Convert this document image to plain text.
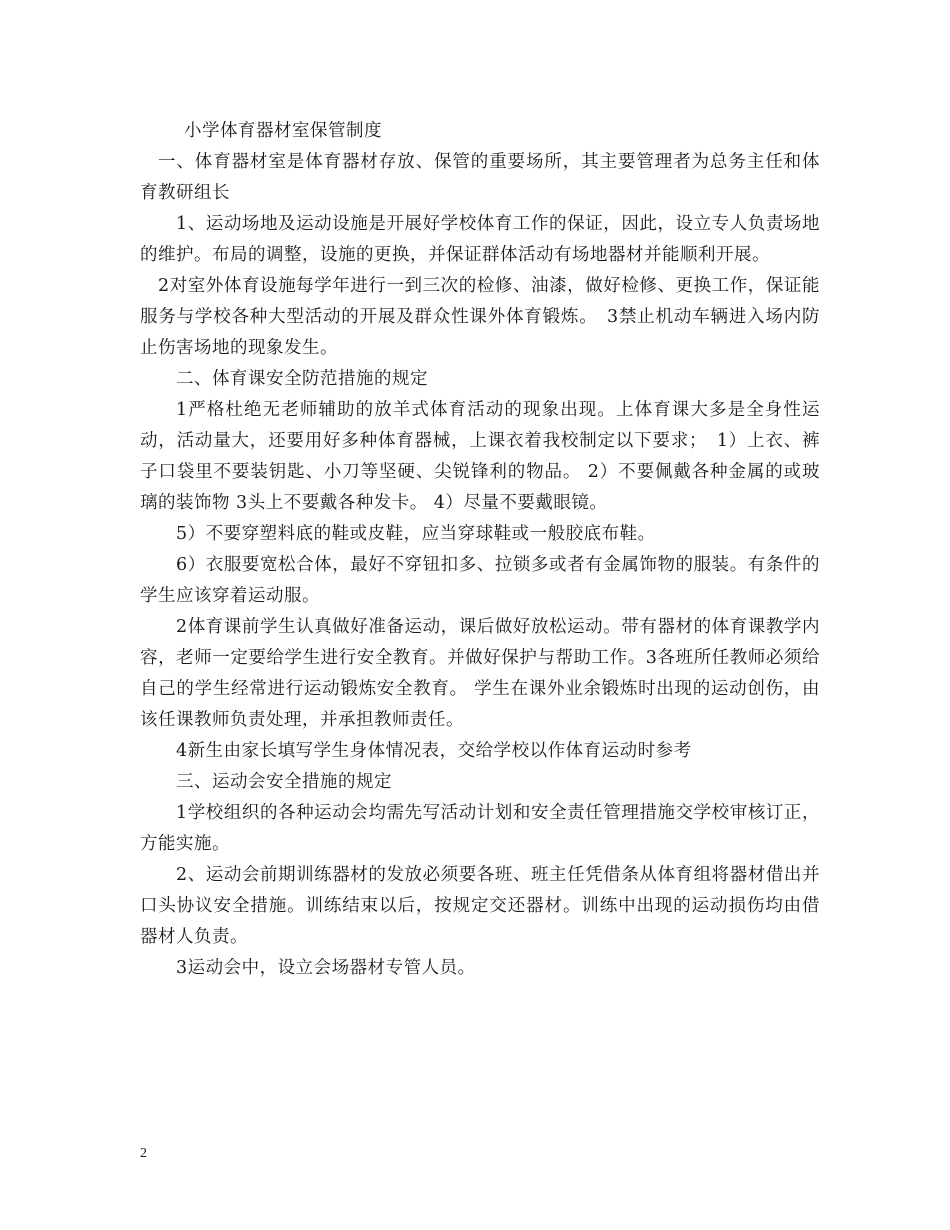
小学体育器材室保管制度

一、体育器材室是体育器材存放、保管的重要场所，其主要管理者为总务主任和体育教研组长

1、运动场地及运动设施是开展好学校体育工作的保证，因此，设立专人负责场地的维护。布局的调整，设施的更换，并保证群体活动有场地器材并能顺利开展。

2对室外体育设施每学年进行一到三次的检修、油漆，做好检修、更换工作，保证能服务与学校各种大型活动的开展及群众性课外体育锻炼。　3禁止机动车辆进入场内防止伤害场地的现象发生。

二、体育课安全防范措施的规定

1严格杜绝无老师辅助的放羊式体育活动的现象出现。上体育课大多是全身性运动，活动量大，还要用好多种体育器械，上课衣着我校制定以下要求；　1）上衣、裤子口袋里不要装钥匙、小刀等坚硬、尖锐锋利的物品。 2）不要佩戴各种金属的或玻璃的装饰物 3头上不要戴各种发卡。 4）尽量不要戴眼镜。

5）不要穿塑料底的鞋或皮鞋，应当穿球鞋或一般胶底布鞋。

6）衣服要宽松合体，最好不穿钮扣多、拉锁多或者有金属饰物的服装。有条件的学生应该穿着运动服。

2体育课前学生认真做好准备运动，课后做好放松运动。带有器材的体育课教学内容，老师一定要给学生进行安全教育。并做好保护与帮助工作。3各班所任教师必须给自己的学生经常进行运动锻炼安全教育。 学生在课外业余锻炼时出现的运动创伤，由该任课教师负责处理，并承担教师责任。

4新生由家长填写学生身体情况表，交给学校以作体育运动时参考

三、运动会安全措施的规定

1学校组织的各种运动会均需先写活动计划和安全责任管理措施交学校审核订正，方能实施。

2、运动会前期训练器材的发放必须要各班、班主任凭借条从体育组将器材借出并口头协议安全措施。训练结束以后，按规定交还器材。训练中出现的运动损伤均由借器材人负责。

3运动会中，设立会场器材专管人员。

2
